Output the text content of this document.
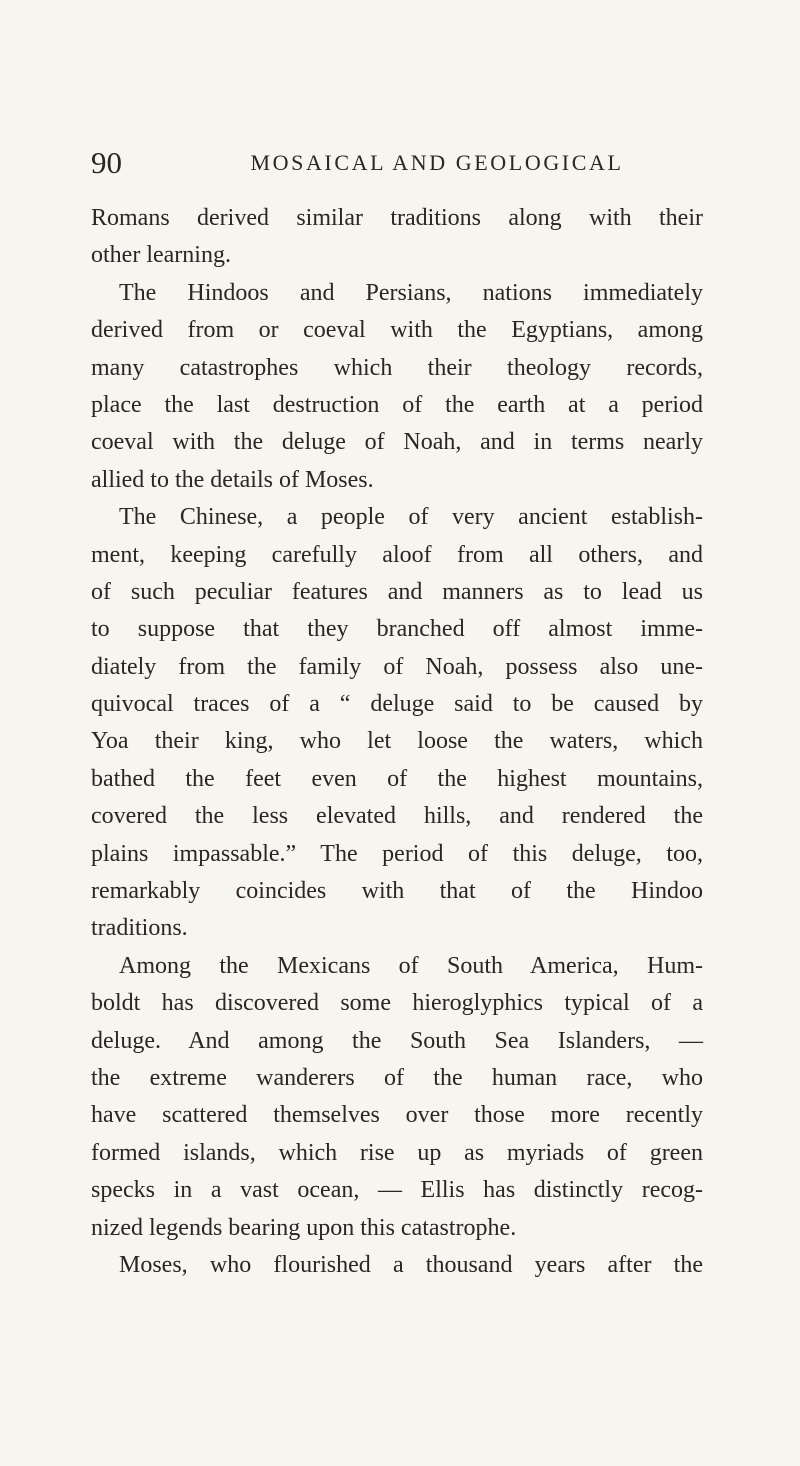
90	MOSAICAL AND GEOLOGICAL
Romans derived similar traditions along with their
other learning.
The Hindoos and Persians, nations immediately
derived from or coeval with the Egyptians, among
many catastrophes which their theology records,
place the last destruction of the earth at a period
coeval with the deluge of Noah, and in terms nearly
allied to the details of Moses.
The Chinese, a people of very ancient establish-
ment, keeping carefully aloof from all others, and
of such peculiar features and manners as to lead us
to suppose that they branched off almost imme-
diately from the family of Noah, possess also une-
quivocal traces of a “ deluge said to be caused by
Yoa their king, who let loose the waters, which
bathed the feet even of the highest mountains,
covered the less elevated hills, and rendered the
plains impassable.” The period of this deluge, too,
remarkably coincides with that of the Hindoo
traditions.
Among the Mexicans of South America, Hum-
boldt has discovered some hieroglyphics typical of a
deluge. And among the South Sea Islanders, —
the extreme wanderers of the human race, who
have scattered themselves over those more recently
formed islands, which rise up as myriads of green
specks in a vast ocean, — Ellis has distinctly recog-
nized legends bearing upon this catastrophe.
Moses, who flourished a thousand years after the
